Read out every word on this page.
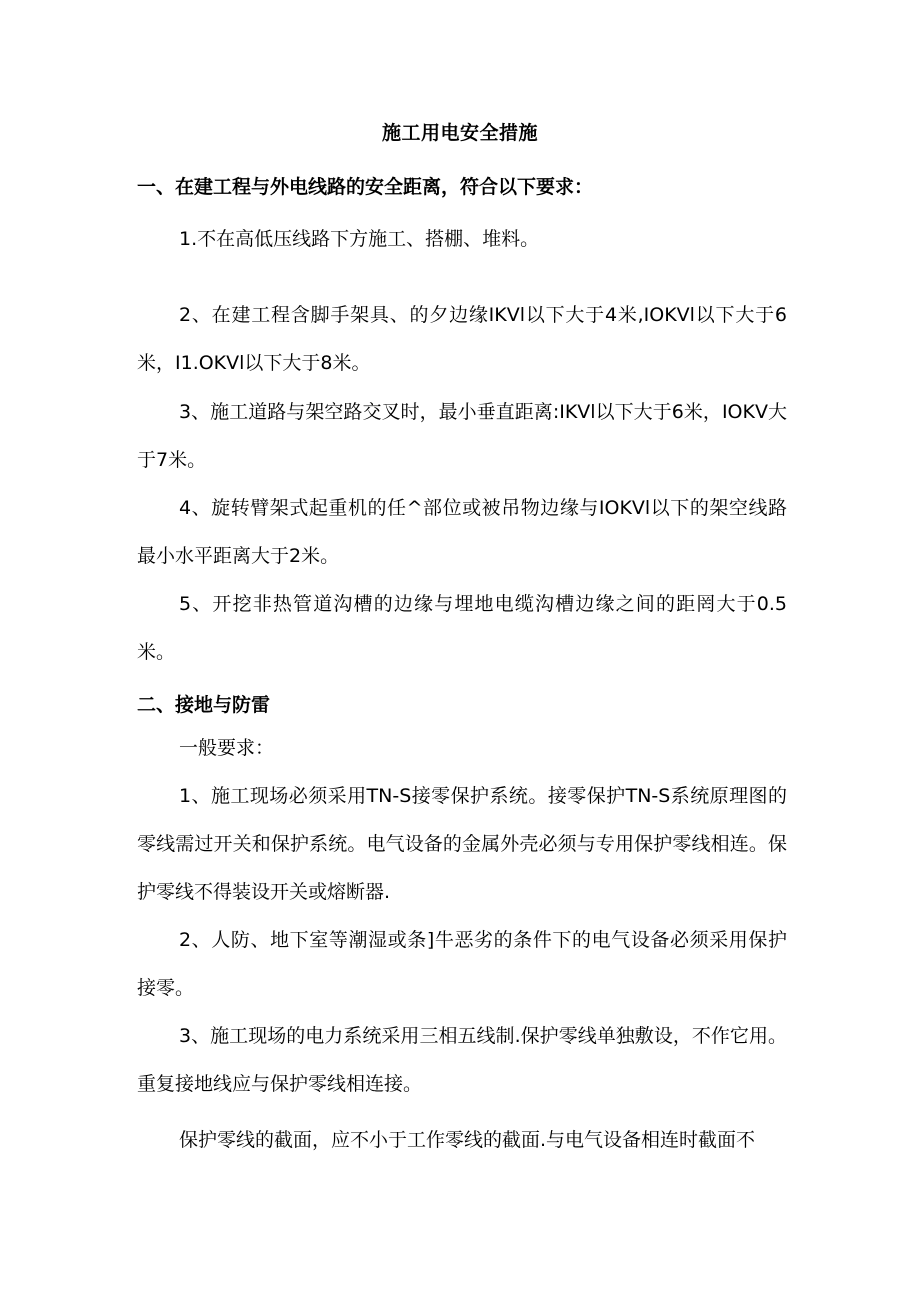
施工用电安全措施
一、在建工程与外电线路的安全距离，符合以下要求：
1.不在高低压线路下方施工、搭棚、堆料。
2、在建工程含脚手架具、的夕边缘IKVl以下大于4米,IOKVl以下大于6米，I1.OKVl以下大于8米。
3、施工道路与架空路交叉时，最小垂直距离:IKVl以下大于6米，IOKV大于7米。
4、旋转臂架式起重机的任^部位或被吊物边缘与IOKVl以下的架空线路最小水平距离大于2米。
5、开挖非热管道沟槽的边缘与埋地电缆沟槽边缘之间的距罔大于0.5米。
二、接地与防雷
一般要求：
1、施工现场必须采用TN-S接零保护系统。接零保护TN-S系统原理图的零线需过开关和保护系统。电气设备的金属外壳必须与专用保护零线相连。保护零线不得装设开关或熔断器.
2、人防、地下室等潮湿或条]牛恶劣的条件下的电气设备必须采用保护接零。
3、施工现场的电力系统采用三相五线制.保护零线单独敷设，不作它用。重复接地线应与保护零线相连接。
保护零线的截面，应不小于工作零线的截面.与电气设备相连时截面不
